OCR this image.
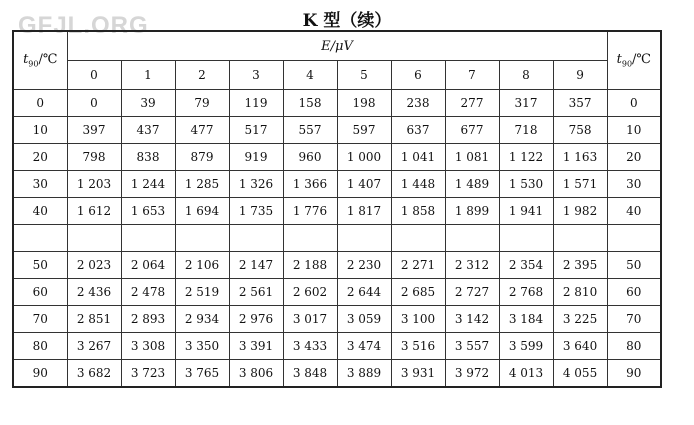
GFJL.ORG	K 型（续）
$t_{90}/℃$	E/μV										$t_{90}/℃$
	0	1	2	3	4	5	6	7	8	9	
0	0	39	79	119	158	198	238	277	317	357	0
10	397	437	477	517	557	597	637	677	718	758	10
20	798	838	879	919	960	1 000	1 041	1 081	1 122	1 163	20
30	1 203	1 244	1 285	1 326	1 366	1 407	1 448	1 489	1 530	1 571	30
40	1 612	1 653	1 694	1 735	1 776	1 817	1 858	1 899	1 941	1 982	40

50	2 023	2 064	2 106	2 147	2 188	2 230	2 271	2 312	2 354	2 395	50
60	2 436	2 478	2 519	2 561	2 602	2 644	2 685	2 727	2 768	2 810	60
70	2 851	2 893	2 934	2 976	3 017	3 059	3 100	3 142	3 184	3 225	70
80	3 267	3 308	3 350	3 391	3 433	3 474	3 516	3 557	3 599	3 640	80
90	3 682	3 723	3 765	3 806	3 848	3 889	3 931	3 972	4 013	4 055	90
